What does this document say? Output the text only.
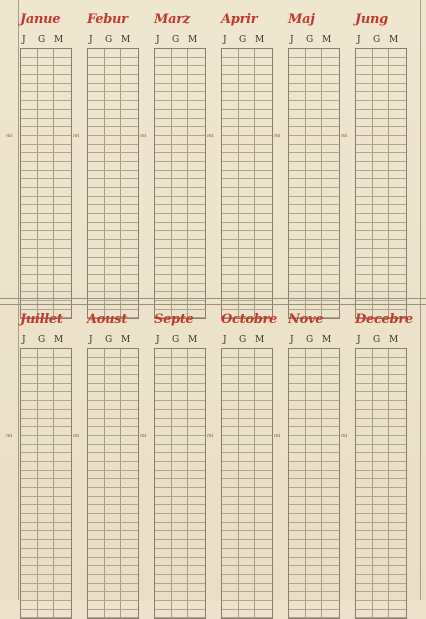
Janue
J G M
mi
Febur
J G M
mi
Marz
J G M
mi
Aprir
J G M
mi
Maj
J G M
mi
Jung
J G M
mi
Juillet
J G M
mi
Aoust
J G M
mi
Septe
J G M
mi
Octobre
J G M
mi
Nove
J G M
mi
Decebre
J G M
mi
